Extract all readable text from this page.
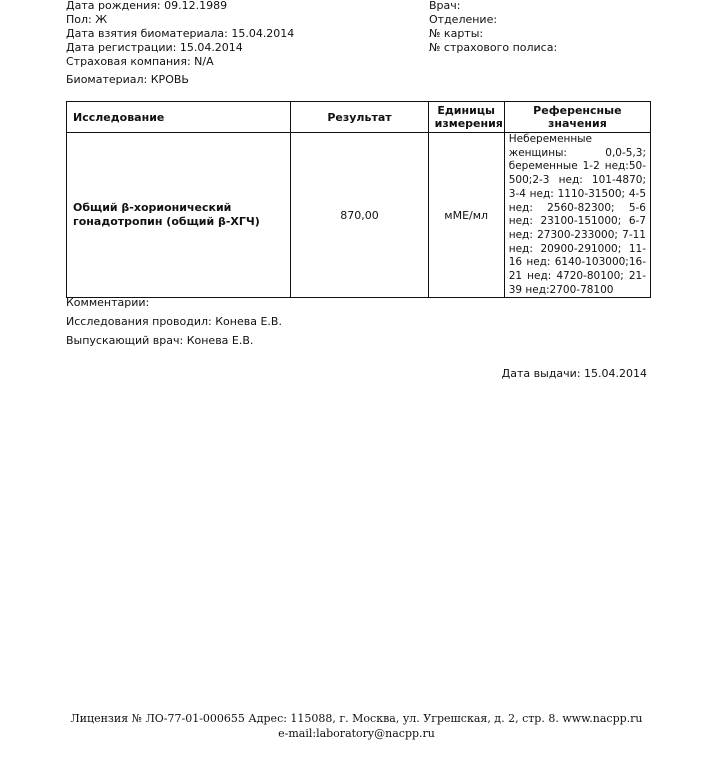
Дата рождения: 09.12.1989
Пол: Ж
Дата взятия биоматериала: 15.04.2014
Дата регистрации: 15.04.2014
Страховая компания: N/A
Биоматериал: КРОВЬ
Врач:
Отделение:
№ карты:
№ страхового полиса:
Исследование	Результат	Единицы измерения	Референсные значения
Общий β-хорионический гонадотропин (общий β-ХГЧ)	870,00	мМЕ/мл	Небеременные женщины: 0,0-5,3; беременные 1-2 нед:50-500;2-3 нед: 101-4870; 3-4 нед: 1110-31500; 4-5 нед: 2560-82300; 5-6 нед: 23100-151000; 6-7 нед: 27300-233000; 7-11 нед: 20900-291000; 11-16 нед: 6140-103000;16-21 нед: 4720-80100; 21-39 нед:2700-78100
Комментарии:
Исследования проводил: Конева Е.В.
Выпускающий врач: Конева Е.В.
Дата выдачи: 15.04.2014
Лицензия № ЛО-77-01-000655 Адрес: 115088, г. Москва, ул. Угрешская, д. 2, стр. 8. www.nacpp.ru
e-mail:laboratory@nacpp.ru
